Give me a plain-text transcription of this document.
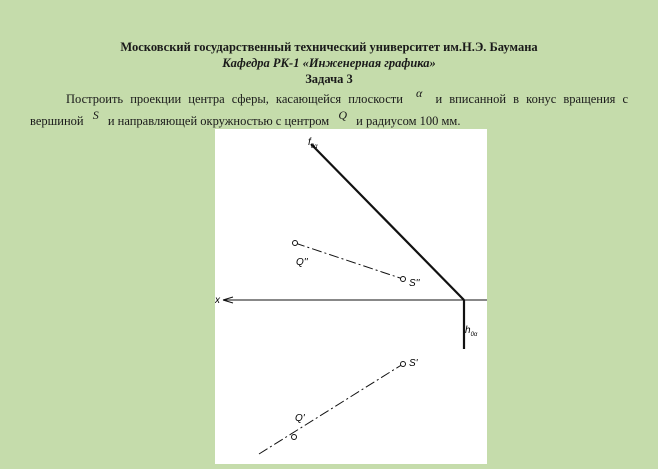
Московский государственный технический университет им.Н.Э. Баумана
Кафедра РК-1 «Инженерная графика»
Задача 3
Построить проекции центра сферы, касающейся плоскости α и вписанной в конус вращения с
вершиной S и направляющей окружностью с центром Q и радиусом 100 мм.
x
$f_{0\alpha}$
$h_{0\alpha}$
Q''
S''
Q'
S'
